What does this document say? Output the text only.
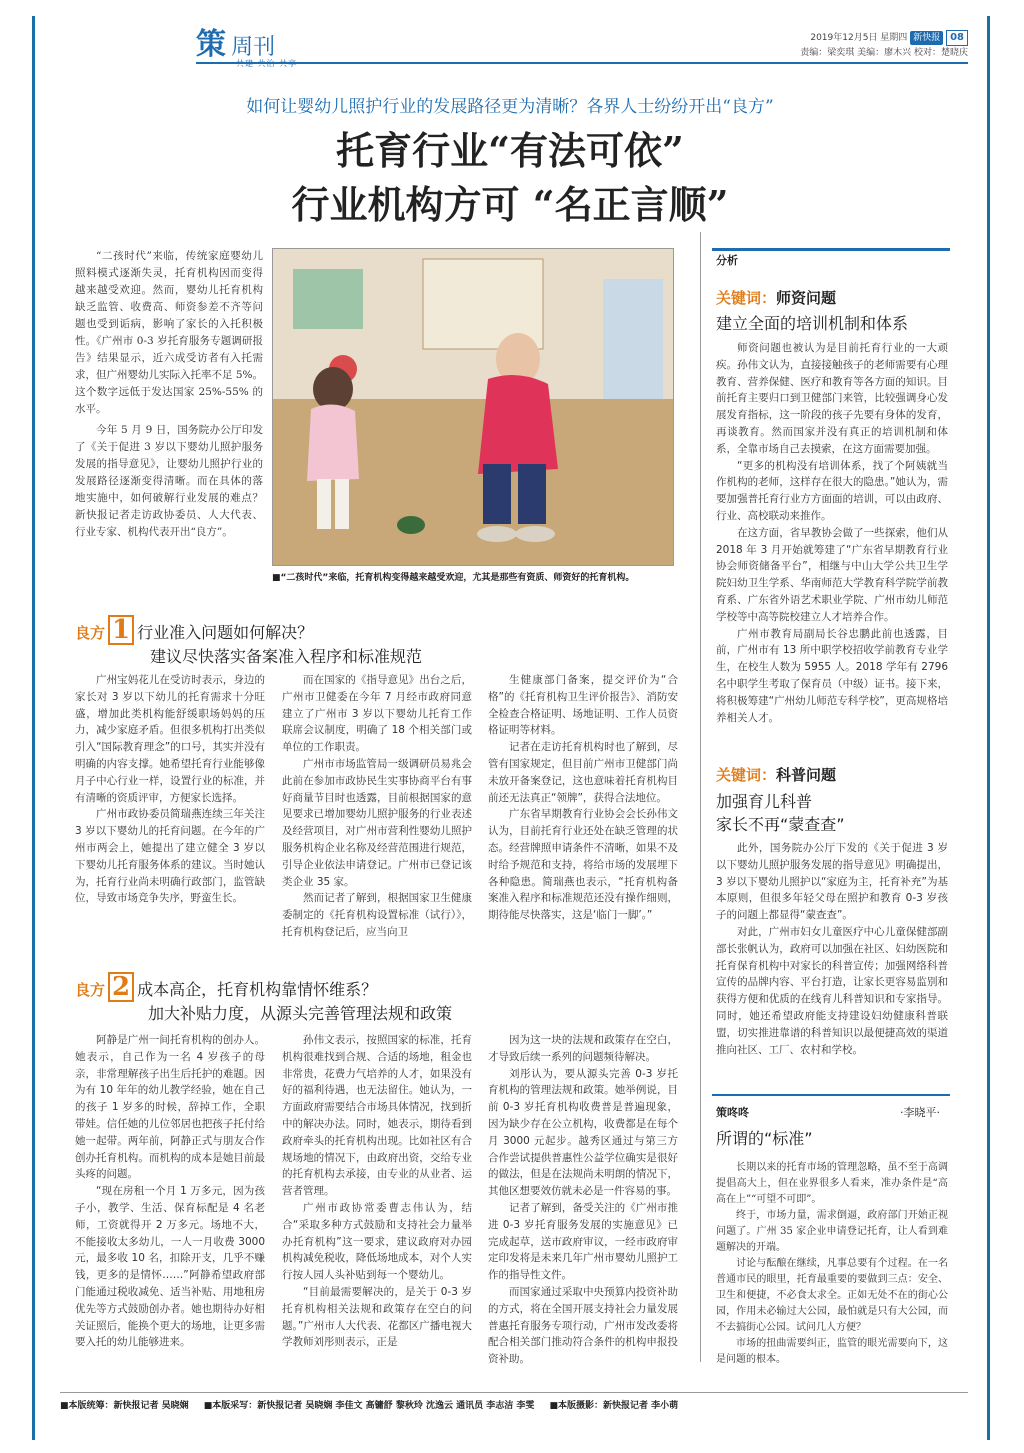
策 周刊	2019年12月5日 星期四 新快报 08
责编：梁奕琪 美编：廖木兴 校对：楚晓庆
如何让婴幼儿照护行业的发展路径更为清晰？各界人士纷纷开出“良方”
托育行业“有法可依”
行业机构方可 “名正言顺”

“二孩时代”来临，传统家庭婴幼儿照料模式逐渐失灵，托育机构因而变得越来越受欢迎。然而，婴幼儿托育机构缺乏监管、收费高、师资参差不齐等问题也受到诟病，影响了家长的入托积极性。《广州市 0-3 岁托育服务专题调研报告》结果显示，近六成受访者有入托需求，但广州婴幼儿实际入托率不足 5%。这个数字远低于发达国家 25%-55% 的水平。

今年 5 月 9 日，国务院办公厅印发了《关于促进 3 岁以下婴幼儿照护服务发展的指导意见》，让婴幼儿照护行业的发展路径逐渐变得清晰。而在具体的落地实施中，如何破解行业发展的难点？新快报记者走访政协委员、人大代表、行业专家、机构代表开出“良方”。

■“二孩时代”来临，托育机构变得越来越受欢迎，尤其是那些有资质、师资好的托育机构。
良方 1 行业准入问题如何解决？
建议尽快落实备案准入程序和标准规范

广州宝妈花儿在受访时表示，身边的家长对 3 岁以下幼儿的托育需求十分旺盛，增加此类机构能舒缓职场妈妈的压力，减少家庭矛盾。但很多机构打出类似引入“国际教育理念”的口号，其实并没有明确的内容支撑。她希望托育行业能够像月子中心行业一样，设置行业的标准，并有清晰的资质评审，方便家长选择。

广州市政协委员简瑞燕连续三年关注 3 岁以下婴幼儿的托育问题。在今年的广州市两会上，她提出了建立健全 3 岁以下婴幼儿托育服务体系的建议。当时她认为，托育行业尚未明确行政部门，监管缺位，导致市场竞争失序，野蛮生长。

而在国家的《指导意见》出台之后，广州市卫健委在今年 7 月经市政府同意建立了广州市 3 岁以下婴幼儿托育工作联席会议制度，明确了 18 个相关部门或单位的工作职责。

广州市市场监管局一级调研员易兆会此前在参加市政协民生实事协商平台有事好商量节目时也透露，目前根据国家的意见要求已增加婴幼儿照护服务的行业表述及经营项目，对广州市营利性婴幼儿照护服务机构企业名称及经营范围进行规范，引导企业依法申请登记。广州市已登记该类企业 35 家。

然而记者了解到，根据国家卫生健康委制定的《托育机构设置标准（试行）》，托育机构登记后，应当向卫

生健康部门备案，提交评价为“合格”的《托育机构卫生评价报告》、消防安全检查合格证明、场地证明、工作人员资格证明等材料。

记者在走访托育机构时也了解到，尽管有国家规定，但目前广州市卫健部门尚未放开备案登记，这也意味着托育机构目前还无法真正“领牌”，获得合法地位。

广东省早期教育行业协会会长孙伟文认为，目前托育行业还处在缺乏管理的状态。经营牌照申请条件不清晰，如果不及时给予规范和支持，将给市场的发展埋下各种隐患。简瑞燕也表示，“托育机构备案准入程序和标准规范还没有操作细则，期待能尽快落实，这是‘临门一脚’。”

良方 2 成本高企，托育机构靠情怀维系？
加大补贴力度，从源头完善管理法规和政策

阿静是广州一间托育机构的创办人。她表示，自己作为一名 4 岁孩子的母亲，非常理解孩子出生后托护的难题。因为有 10 年年的幼儿教学经验，她在自己的孩子 1 岁多的时候，辞掉工作，全职带娃。信任她的儿位邻居也把孩子托付给她一起带。两年前，阿静正式与朋友合作创办托育机构。而机构的成本是她目前最头疼的问题。

“现在房租一个月 1 万多元，因为孩子小，教学、生活、保育标配是 4 名老师，工资就得开 2 万多元。场地不大，不能接收太多幼儿，一人一月收费 3000 元，最多收 10 名，扣除开支，几乎不赚钱，更多的是情怀……”阿静希望政府部门能通过税收减免、适当补贴、用地租房优先等方式鼓励创办者。她也期待办好相关证照后，能换个更大的场地，让更多需要入托的幼儿能够进来。

孙伟文表示，按照国家的标准，托育机构很难找到合规、合适的场地，租金也非常贵，花费力气培养的人才，如果没有好的福利待遇，也无法留住。她认为，一方面政府需要结合市场具体情况，找到折中的解决办法。同时，她表示，期待看到政府牵头的托育机构出现。比如社区有合规场地的情况下，由政府出资，交给专业的托育机构去承接，由专业的从业者、运营者管理。

广州市政协常委曹志伟认为，结合“采取多种方式鼓励和支持社会力量举办托育机构”这一要求，建议政府对办园机构减免税收，降低场地成本，对个人实行按人园人头补贴到每一个婴幼儿。

“目前最需要解决的，是关于 0-3 岁托育机构相关法规和政策存在空白的问题。”广州市人大代表、花都区广播电视大学教师刘彤则表示，正是

因为这一块的法规和政策存在空白，才导致后续一系列的问题频待解决。

刘彤认为，要从源头完善 0-3 岁托育机构的管理法规和政策。她举例说，目前 0-3 岁托育机构收费普是普遍现象，因为缺少存在公立机构，收费都是在每个月 3000 元起步。越秀区通过与第三方合作尝试提供普惠性公益学位确实是很好的做法，但是在法规尚未明朗的情况下，其他区想要效仿就未必是一件容易的事。

记者了解到，备受关注的《广州市推进 0-3 岁托育服务发展的实施意见》已完成起草，送市政府审议，一经市政府审定印发将是未来几年广州市婴幼儿照护工作的指导性文件。

而国家通过采取中央预算内投资补助的方式，将在全国开展支持社会力量发展普惠托育服务专项行动，广州市发改委将配合相关部门推动符合条件的机构申报投资补助。

分析
关键词：师资问题
建立全面的培训机制和体系

师资问题也被认为是目前托育行业的一大顽疾。孙伟文认为，直接接触孩子的老师需要有心理教育、营养保健、医疗和教育等各方面的知识。目前托育主要归口到卫健部门来管，比较强调身心发展发育指标，这一阶段的孩子先要有身体的发育，再谈教育。然而国家并没有真正的培训机制和体系，全靠市场自己去摸索，在这方面需要加强。

“更多的机构没有培训体系，找了个阿姨就当作机构的老师，这样存在很大的隐患。”她认为，需要加强普托育行业方方面面的培训，可以由政府、行业、高校联动来推作。

在这方面，省早教协会做了一些探索，他们从 2018 年 3 月开始就筹建了“广东省早期教育行业协会师资储备平台”，相继与中山大学公共卫生学院妇幼卫生学系、华南师范大学教育科学院学前教育系、广东省外语艺术职业学院、广州市幼儿师范学校等中高等院校建立人才培养合作。

广州市教育局副局长谷忠鹏此前也透露，目前，广州市有 13 所中职学校招收学前教育专业学生，在校生人数为 5955 人。2018 学年有 2796 名中职学生考取了保育员（中级）证书。接下来，将积极筹建“广州幼儿师范专科学校”，更高规格培养相关人才。

关键词：科普问题
加强育儿科普
家长不再“蒙查查”

此外，国务院办公厅下发的《关于促进 3 岁以下婴幼儿照护服务发展的指导意见》明确提出，3 岁以下婴幼儿照护以“家庭为主，托育补充”为基本原则，但很多年轻父母在照护和教育 0-3 岁孩子的问题上都显得“蒙查查”。

对此，广州市妇女儿童医疗中心儿童保健部副部长张帆认为，政府可以加强在社区、妇幼医院和托育保育机构中对家长的科普宣传；加强网络科普宣传的品牌内容、平台打造，让家长更容易监别和获得方便和优质的在线育儿科普知识和专家指导。同时，她还希望政府能支持建设妇幼健康科普联盟，切实推进靠谱的科普知识以最便捷高效的渠道推向社区、工厂、农村和学校。

策咚咚	·李晓平·
所谓的“标准”

长期以来的托育市场的管理忽略，虽不至于高调提倡高大上，但在业界很多人看来，准办条件是“高高在上”“可望不可即”。

终于，市场力量，需求倒逼，政府部门开始正视问题了。广州 35 家企业申请登记托育，让人看到难题解决的开端。

讨论与酝酿在继续，凡事总要有个过程。在一名普通市民的眼里，托育最重要的要做到三点：安全、卫生和便捷，不必食太求全。正如无处不在的街心公园，作用未必输过大公园，最怕就是只有大公园，而不去搞街心公园。试问几人方便？

市场的扭曲需要纠正，监管的眼光需要向下，这是问题的根本。

■本版统筹：新快报记者 吴晓娴 ■本版采写：新快报记者 吴晓娴 李佳文 高镛舒 黎秋玲 沈逸云 通讯员 李志洁 李雯 ■本版摄影：新快报记者 李小萌
